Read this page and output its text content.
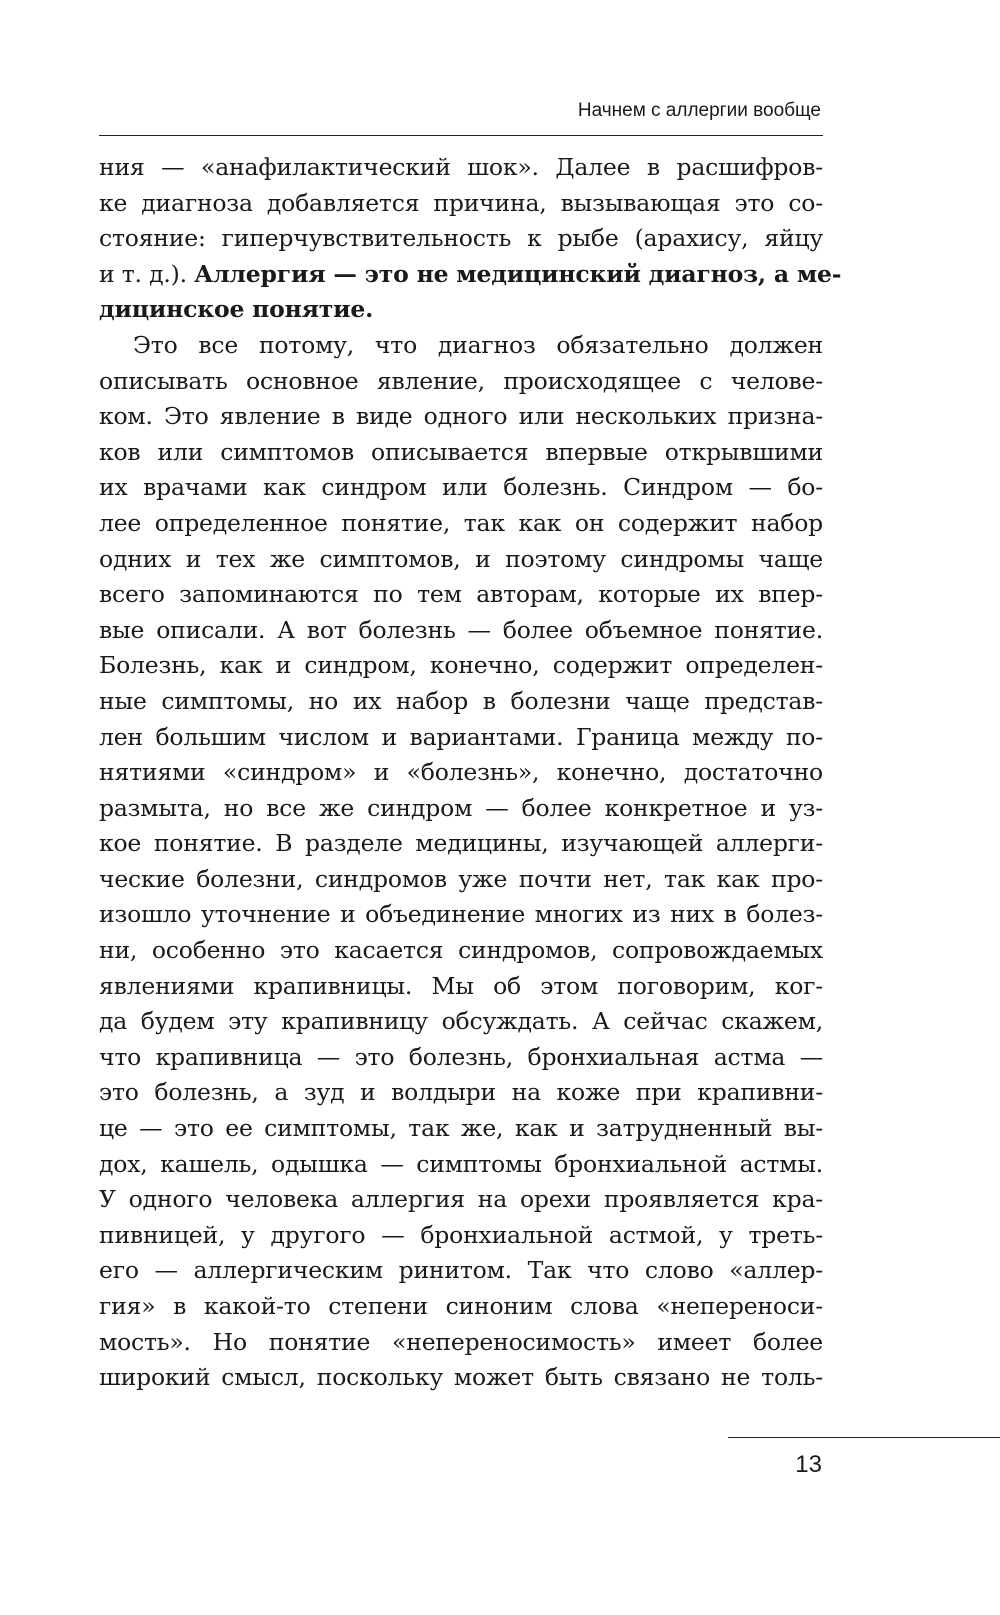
Начнем с аллергии вообще
ния — «анафилактический шок». Далее в расшифров-
ке диагноза добавляется причина, вызывающая это со-
стояние: гиперчувствительность к рыбе (арахису, яйцу
и т. д.). Аллергия — это не медицинский диагноз, а ме-
дицинское понятие.
Это все потому, что диагноз обязательно должен
описывать основное явление, происходящее с челове-
ком. Это явление в виде одного или нескольких призна-
ков или симптомов описывается впервые открывшими
их врачами как синдром или болезнь. Синдром — бо-
лее определенное понятие, так как он содержит набор
одних и тех же симптомов, и поэтому синдромы чаще
всего запоминаются по тем авторам, которые их впер-
вые описали. А вот болезнь — более объемное понятие.
Болезнь, как и синдром, конечно, содержит определен-
ные симптомы, но их набор в болезни чаще представ-
лен большим числом и вариантами. Граница между по-
нятиями «синдром» и «болезнь», конечно, достаточно
размыта, но все же синдром — более конкретное и уз-
кое понятие. В разделе медицины, изучающей аллерги-
ческие болезни, синдромов уже почти нет, так как про-
изошло уточнение и объединение многих из них в болез-
ни, особенно это касается синдромов, сопровождаемых
явлениями крапивницы. Мы об этом поговорим, ког-
да будем эту крапивницу обсуждать. А сейчас скажем,
что крапивница — это болезнь, бронхиальная астма —
это болезнь, а зуд и волдыри на коже при крапивни-
це — это ее симптомы, так же, как и затрудненный вы-
дох, кашель, одышка — симптомы бронхиальной астмы.
У одного человека аллергия на орехи проявляется кра-
пивницей, у другого — бронхиальной астмой, у треть-
его — аллергическим ринитом. Так что слово «аллер-
гия» в какой-то степени синоним слова «непереноси-
мость». Но понятие «непереносимость» имеет более
широкий смысл, поскольку может быть связано не толь-
13
